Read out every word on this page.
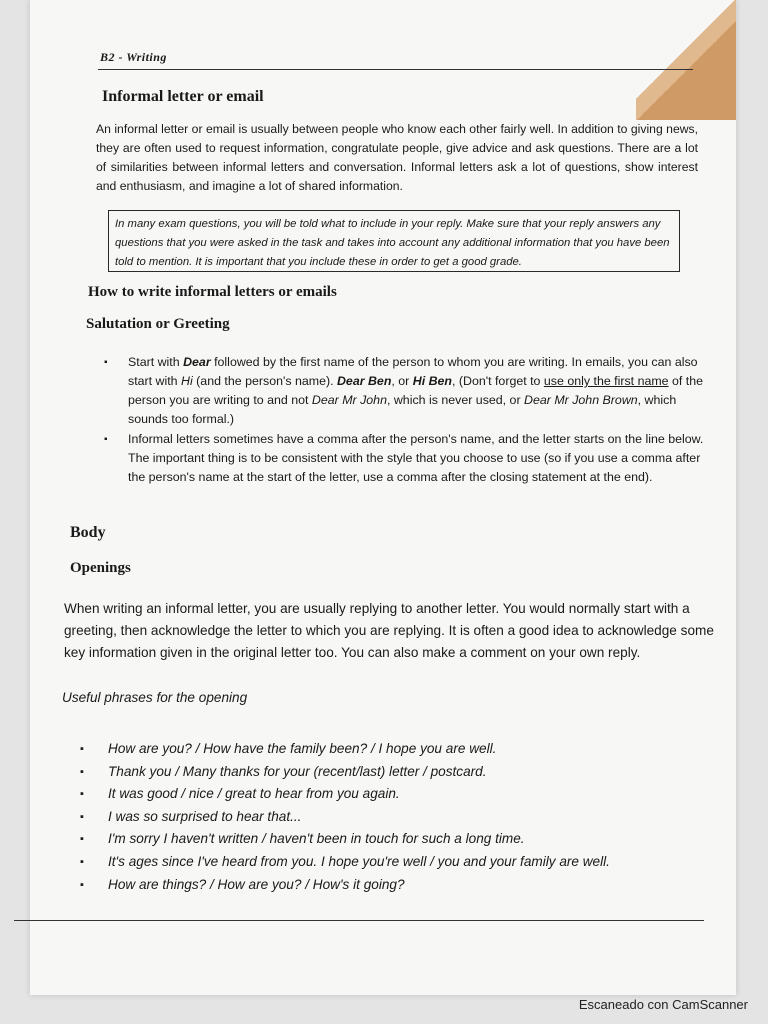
B2 - Writing
Informal letter or email

An informal letter or email is usually between people who know each other fairly well. In addition to giving news, they are often used to request information, congratulate people, give advice and ask questions. There are a lot of similarities between informal letters and conversation. Informal letters ask a lot of questions, show interest and enthusiasm, and imagine a lot of shared information.

In many exam questions, you will be told what to include in your reply. Make sure that your reply answers any questions that you were asked in the task and takes into account any additional information that you have been told to mention. It is important that you include these in order to get a good grade.
How to write informal letters or emails
Salutation or Greeting
▪ Start with Dear followed by the first name of the person to whom you are writing. In emails, you can also start with Hi (and the person's name). Dear Ben, or Hi Ben, (Don't forget to use only the first name of the person you are writing to and not Dear Mr John, which is never used, or Dear Mr John Brown, which sounds too formal.)
▪ Informal letters sometimes have a comma after the person's name, and the letter starts on the line below. The important thing is to be consistent with the style that you choose to use (so if you use a comma after the person's name at the start of the letter, use a comma after the closing statement at the end).
Body
Openings

When writing an informal letter, you are usually replying to another letter. You would normally start with a greeting, then acknowledge the letter to which you are replying. It is often a good idea to acknowledge some key information given in the original letter too. You can also make a comment on your own reply.

Useful phrases for the opening
▪ How are you? / How have the family been? / I hope you are well.
▪ Thank you / Many thanks for your (recent/last) letter / postcard.
▪ It was good / nice / great to hear from you again.
▪ I was so surprised to hear that...
▪ I'm sorry I haven't written / haven't been in touch for such a long time.
▪ It's ages since I've heard from you. I hope you're well / you and your family are well.
▪ How are things? / How are you? / How's it going?
Escaneado con CamScanner
